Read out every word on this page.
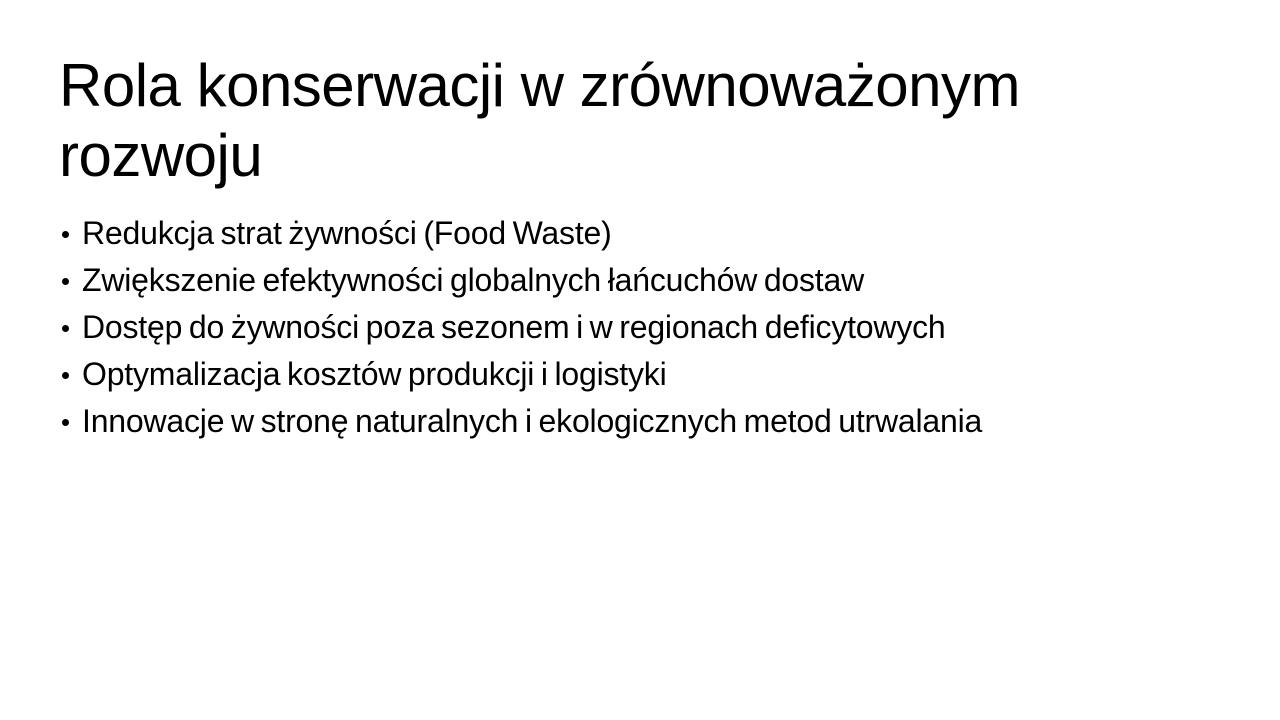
Rola konserwacji w zrównoważonym rozwoju
Redukcja strat żywności (Food Waste)
Zwiększenie efektywności globalnych łańcuchów dostaw
Dostęp do żywności poza sezonem i w regionach deficytowych
Optymalizacja kosztów produkcji i logistyki
Innowacje w stronę naturalnych i ekologicznych metod utrwalania
